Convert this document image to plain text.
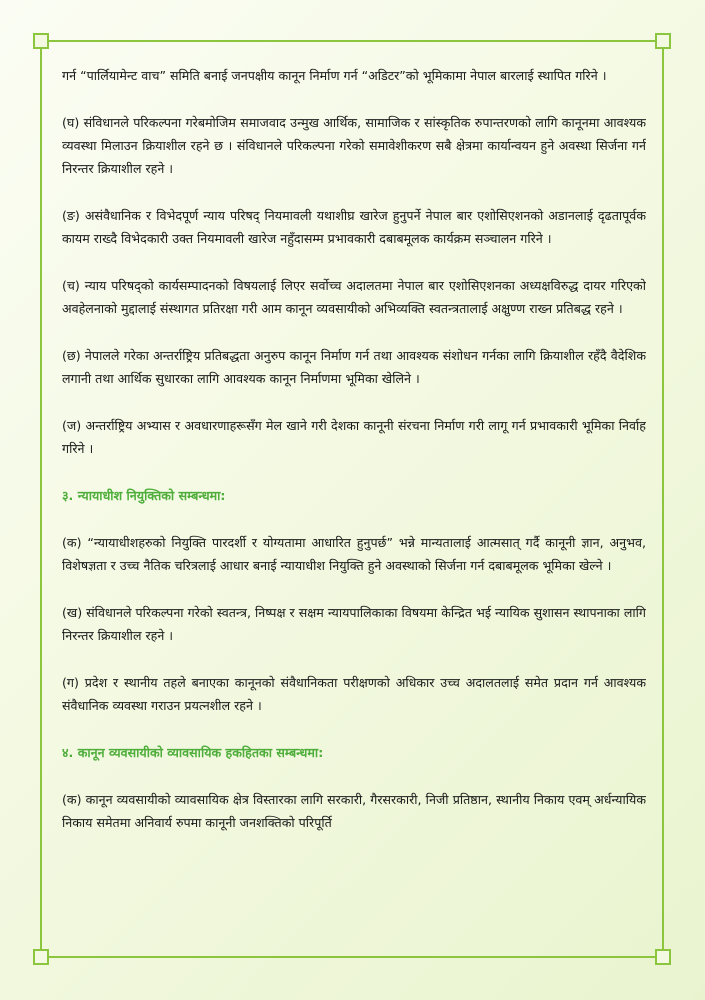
गर्न “पार्लियामेन्ट वाच” समिति बनाई जनपक्षीय कानून निर्माण गर्न “अडिटर”को भूमिकामा नेपाल बारलाई स्थापित गरिने ।

(घ) संविधानले परिकल्पना गरेबमोजिम समाजवाद उन्मुख आर्थिक, सामाजिक र सांस्कृतिक रुपान्तरणको लागि कानूनमा आवश्यक व्यवस्था मिलाउन क्रियाशील रहने छ । संविधानले परिकल्पना गरेको समावेशीकरण सबै क्षेत्रमा कार्यान्वयन हुने अवस्था सिर्जना गर्न निरन्तर क्रियाशील रहने ।

(ङ) असंवैधानिक र विभेदपूर्ण न्याय परिषद् नियमावली यथाशीघ्र खारेज हुनुपर्ने नेपाल बार एशोसिएशनको अडानलाई दृढतापूर्वक कायम राख्दै विभेदकारी उक्त नियमावली खारेज नहुँदासम्म प्रभावकारी दबाबमूलक कार्यक्रम सञ्चालन गरिने ।

(च) न्याय परिषद्को कार्यसम्पादनको विषयलाई लिएर सर्वोच्च अदालतमा नेपाल बार एशोसिएशनका अध्यक्षविरुद्ध दायर गरिएको अवहेलनाको मुद्दालाई संस्थागत प्रतिरक्षा गरी आम कानून व्यवसायीको अभिव्यक्ति स्वतन्त्रतालाई अक्षुण्ण राख्न प्रतिबद्ध रहने ।

(छ) नेपालले गरेका अन्तर्राष्ट्रिय प्रतिबद्धता अनुरुप कानून निर्माण गर्न तथा आवश्यक संशोधन गर्नका लागि क्रियाशील रहँदै वैदेशिक लगानी तथा आर्थिक सुधारका लागि आवश्यक कानून निर्माणमा भूमिका खेलिने ।

(ज) अन्तर्राष्ट्रिय अभ्यास र अवधारणाहरूसँग मेल खाने गरी देशका कानूनी संरचना निर्माण गरी लागू गर्न प्रभावकारी भूमिका निर्वाह गरिने ।

३. न्यायाधीश नियुक्तिको सम्बन्धमा:

(क) “न्यायाधीशहरुको नियुक्ति पारदर्शी र योग्यतामा आधारित हुनुपर्छ” भन्ने मान्यतालाई आत्मसात् गर्दै कानूनी ज्ञान, अनुभव, विशेषज्ञता र उच्च नैतिक चरित्रलाई आधार बनाई न्यायाधीश नियुक्ति हुने अवस्थाको सिर्जना गर्न दबाबमूलक भूमिका खेल्ने ।

(ख) संविधानले परिकल्पना गरेको स्वतन्त्र, निष्पक्ष र सक्षम न्यायपालिकाका विषयमा केन्द्रित भई न्यायिक सुशासन स्थापनाका लागि निरन्तर क्रियाशील रहने ।

(ग) प्रदेश र स्थानीय तहले बनाएका कानूनको संवैधानिकता परीक्षणको अधिकार उच्च अदालतलाई समेत प्रदान गर्न आवश्यक संवैधानिक व्यवस्था गराउन प्रयत्नशील रहने ।

४. कानून व्यवसायीको व्यावसायिक हकहितका सम्बन्धमा:

(क) कानून व्यवसायीको व्यावसायिक क्षेत्र विस्तारका लागि सरकारी, गैरसरकारी, निजी प्रतिष्ठान, स्थानीय निकाय एवम् अर्धन्यायिक निकाय समेतमा अनिवार्य रुपमा कानूनी जनशक्तिको परिपूर्ति
